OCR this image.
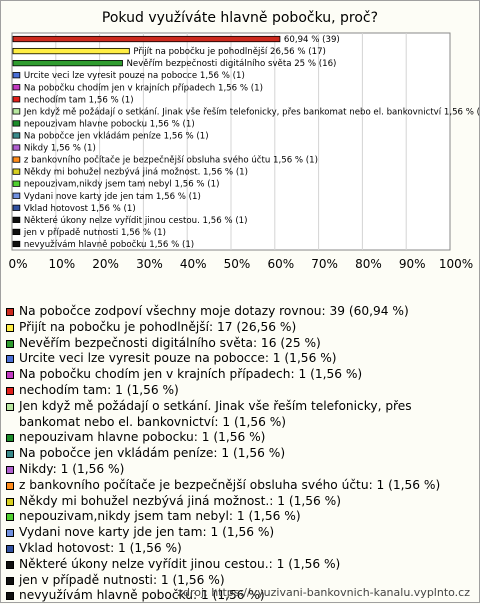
Pokud využíváte hlavně pobočku, proč?
0% 10% 20% 30% 40% 50% 60% 70% 80% 90% 100%
60,94 % (39)
Přijít na pobočku je pohodlnější 26,56 % (17)
Nevěřím bezpečnosti digitálního světa 25 % (16)
Urcite veci lze vyresit pouze na pobocce 1,56 % (1)
Na pobočku chodím jen v krajních případech 1,56 % (1)
nechodím tam 1,56 % (1)
Jen když mě požádají o setkání. Jinak vše řeším telefonicky, přes bankomat nebo el. bankovnictví 1,56 % (1)
nepouzivam hlavne pobocku 1,56 % (1)
Na pobočce jen vkládám peníze 1,56 % (1)
Nikdy 1,56 % (1)
z bankovního počítače je bezpečnější obsluha svého účtu 1,56 % (1)
Někdy mi bohužel nezbývá jiná možnost. 1,56 % (1)
nepouzivam,nikdy jsem tam nebyl 1,56 % (1)
Vydani nove karty jde jen tam 1,56 % (1)
Vklad hotovost 1,56 % (1)
Některé úkony nelze vyřídit jinou cestou. 1,56 % (1)
jen v případě nutnosti 1,56 % (1)
nevyužívám hlavně pobočku 1,56 % (1)
Na pobočce zodpoví všechny moje dotazy rovnou: 39 (60,94 %)
Přijít na pobočku je pohodlnější: 17 (26,56 %)
Nevěřím bezpečnosti digitálního světa: 16 (25 %)
Urcite veci lze vyresit pouze na pobocce: 1 (1,56 %)
Na pobočku chodím jen v krajních případech: 1 (1,56 %)
nechodím tam: 1 (1,56 %)
Jen když mě požádají o setkání. Jinak vše řeším telefonicky, přes bankomat nebo el. bankovnictví: 1 (1,56 %)
nepouzivam hlavne pobocku: 1 (1,56 %)
Na pobočce jen vkládám peníze: 1 (1,56 %)
Nikdy: 1 (1,56 %)
z bankovního počítače je bezpečnější obsluha svého účtu: 1 (1,56 %)
Někdy mi bohužel nezbývá jiná možnost.: 1 (1,56 %)
nepouzivam,nikdy jsem tam nebyl: 1 (1,56 %)
Vydani nove karty jde jen tam: 1 (1,56 %)
Vklad hotovost: 1 (1,56 %)
Některé úkony nelze vyřídit jinou cestou.: 1 (1,56 %)
jen v případě nutnosti: 1 (1,56 %)
nevyužívám hlavně pobočku: 1 (1,56 %)
zdroj: https://vyuzivani-bankovnich-kanalu.vyplnto.cz
